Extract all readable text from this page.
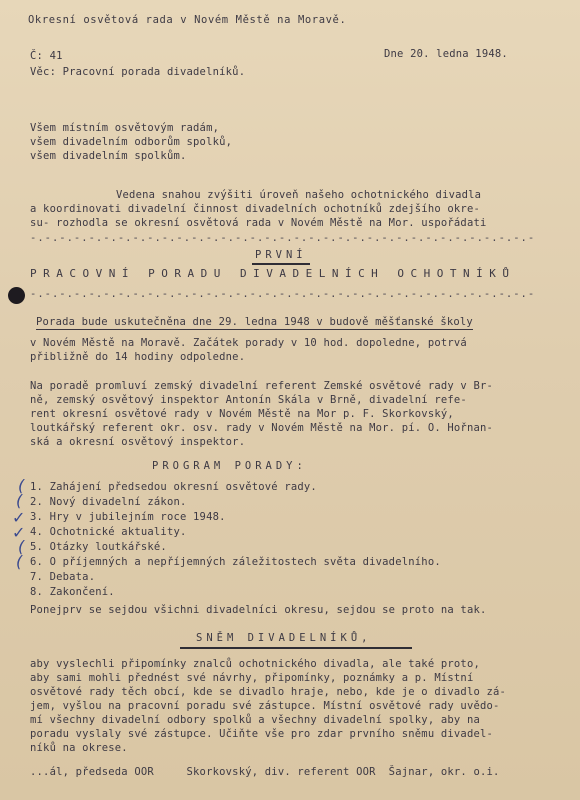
Okresní osvětová rada v Novém Městě na Moravě.
Č: 41	Dne 20. ledna 1948.
Věc: Pracovní porada divadelníků.
Všem místním osvětovým radám,
všem divadelním odborům spolků,
všem divadelním spolkům.
Vedena snahou zvýšiti úroveň našeho ochotnického divadla
a koordinovati divadelní činnost divadelních ochotníků zdejšího okre-
su- rozhodla se okresní osvětová rada v Novém Městě na Mor. uspořádati
-.-.-.-.-.-.-.-.-.-.-.-.-.-.-.-.-.-.-.-.-.-.-.-.-.-.-.-.-.-.-.-.-.-.-
PRVNÍ
PRACOVNÍ PORADU DIVADELNÍCH OCHOTNÍKŮ
-.-.-.-.-.-.-.-.-.-.-.-.-.-.-.-.-.-.-.-.-.-.-.-.-.-.-.-.-.-.-.-.-.-.-
Porada bude uskutečněna dne 29. ledna 1948 v budově měšťanské školy
v Novém Městě na Moravě. Začátek porady v 10 hod. dopoledne, potrvá
přibližně do 14 hodiny odpoledne.
Na poradě promluví zemský divadelní referent Zemské osvětové rady v Br-
ně, zemský osvětový inspektor Antonín Skála v Brně, divadelní refe-
rent okresní osvětové rady v Novém Městě na Mor p. F. Skorkovský,
loutkářský referent okr. osv. rady v Novém Městě na Mor. pí. O. Hořnan-
ská a okresní osvětový inspektor.
PROGRAM PORADY:
1. Zahájení předsedou okresní osvětové rady.
2. Nový divadelní zákon.
3. Hry v jubilejním roce 1948.
4. Ochotnické aktuality.
5. Otázky loutkářské.
6. O příjemných a nepříjemných záležitostech světa divadelního.
7. Debata.
8. Zakončení.
(
(
✓
✓
(
(
Ponejprv se sejdou všichni divadelníci okresu, sejdou se proto na tak.
SNĚM DIVADELNÍKŮ,
aby vyslechli připomínky znalců ochotnického divadla, ale také proto,
aby sami mohli přednést své návrhy, připomínky, poznámky a p. Místní
osvětové rady těch obcí, kde se divadlo hraje, nebo, kde je o divadlo zá-
jem, vyšlou na pracovní poradu své zástupce. Místní osvětové rady uvědo-
mí všechny divadelní odbory spolků a všechny divadelní spolky, aby na
poradu vyslaly své zástupce. Učiňte vše pro zdar prvního sněmu divadel-
níků na okrese.
...ál, předseda OOR     Skorkovský, div. referent OOR  Šajnar, okr. o.i.
